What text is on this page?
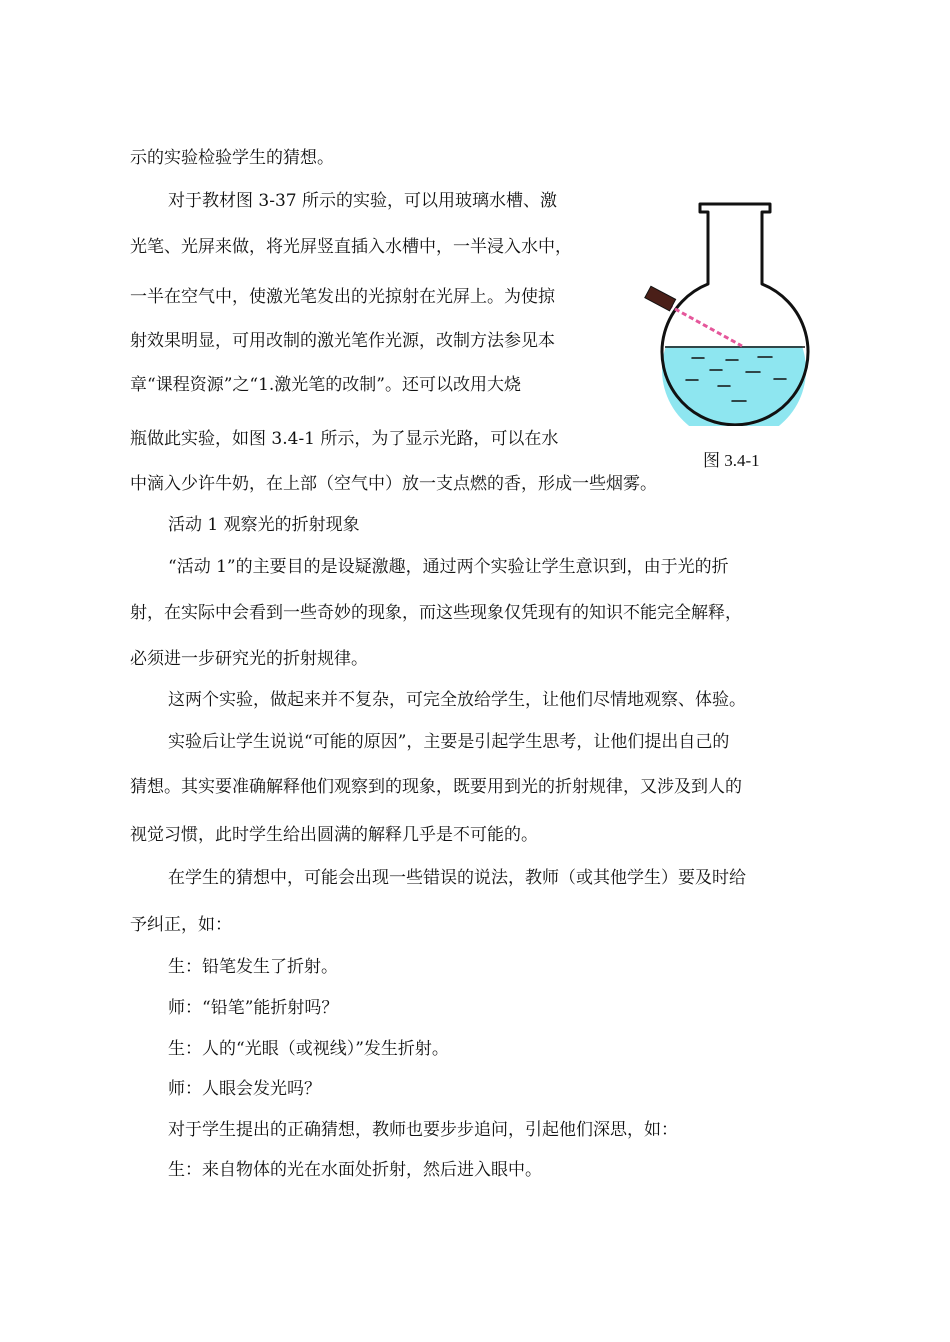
示的实验检验学生的猜想。
对于教材图 3-37 所示的实验，可以用玻璃水槽、激
光笔、光屏来做，将光屏竖直插入水槽中，一半浸入水中，
一半在空气中，使激光笔发出的光掠射在光屏上。为使掠
射效果明显，可用改制的激光笔作光源，改制方法参见本
章“课程资源”之“1.激光笔的改制”。还可以改用大烧
瓶做此实验，如图 3.4-1 所示，为了显示光路，可以在水
中滴入少许牛奶，在上部（空气中）放一支点燃的香，形成一些烟雾。
活动 1 观察光的折射现象
“活动 1”的主要目的是设疑激趣，通过两个实验让学生意识到，由于光的折
射，在实际中会看到一些奇妙的现象，而这些现象仅凭现有的知识不能完全解释，
必须进一步研究光的折射规律。
这两个实验，做起来并不复杂，可完全放给学生，让他们尽情地观察、体验。
实验后让学生说说“可能的原因”，主要是引起学生思考，让他们提出自己的
猜想。其实要准确解释他们观察到的现象，既要用到光的折射规律，又涉及到人的
视觉习惯，此时学生给出圆满的解释几乎是不可能的。
在学生的猜想中，可能会出现一些错误的说法，教师（或其他学生）要及时给
予纠正，如：
生：铅笔发生了折射。
师：“铅笔”能折射吗？
生：人的“光眼（或视线）”发生折射。
师：人眼会发光吗？
对于学生提出的正确猜想，教师也要步步追问，引起他们深思，如：
生：来自物体的光在水面处折射，然后进入眼中。
图 3.4-1
